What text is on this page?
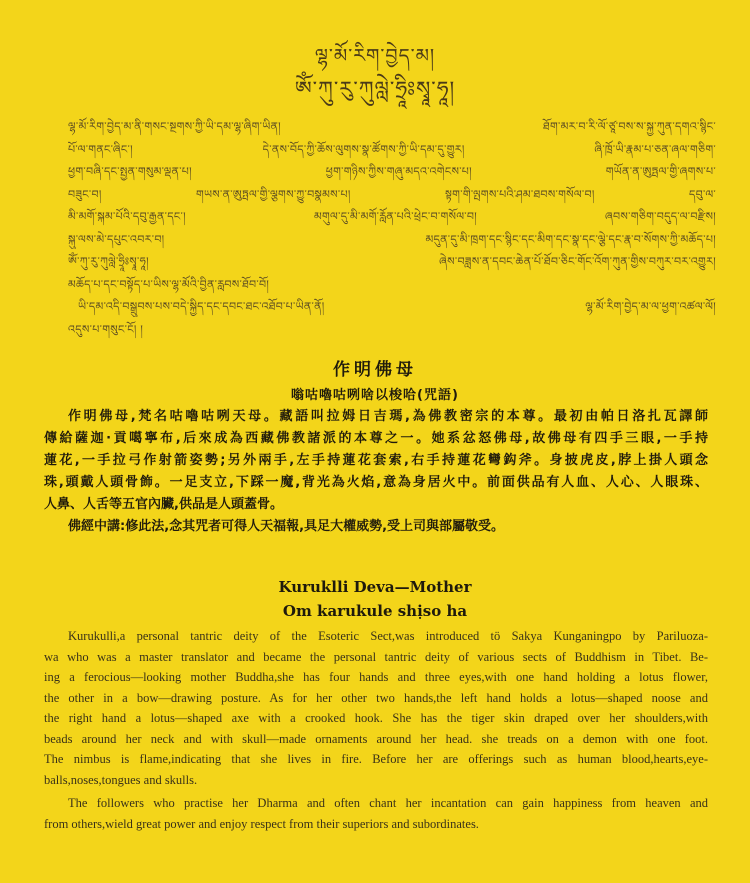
ལྷ་མོ་རིག་བྱེད་མ།
ཨོཾ་ཀུ་རུ་ཀུལླེ་ཧྲཱིཿསྭཱ་ཧཱ།
ལྷ་མོ་རིག་བྱེད་མ་ནི་གསང་སྔགས་ཀྱི་ཡི་དམ་ལྷ་ཞིག་ཡིན། ཐོག་མར་བ་རི་ལོ་ཙཱ་བས་ས་སྐྱ་ཀུན་དགའ་སྙིང་
པོ་ལ་གནང་ཞིང་། དེ་ནས་བོད་ཀྱི་ཆོས་ལུགས་སྣ་ཚོགས་ཀྱི་ཡི་དམ་དུ་གྱུར། ཞི་ཁྲོ་ཡི་རྣམ་པ་ཅན་ཞལ་གཅིག་
ཕྱག་བཞི་དང་སྤྱན་གསུམ་ལྡན་པ། ཕྱག་གཉིས་ཀྱིས་གཞུ་མདའ་འགེངས་པ། གཡོན་ན་ཨུཏྤལ་གྱི་ཞགས་པ་
བཟུང་བ། གཡས་ན་ཨུཏྤལ་གྱི་ལྕགས་ཀྱུ་བསྣམས་པ། སྟག་གི་ལྤགས་པའི་ཤམ་ཐབས་གསོལ་བ། དབུ་ལ་
མི་མགོ་སྐམ་པོའི་དབུ་རྒྱན་དང་། མགུལ་དུ་མི་མགོ་རློན་པའི་ཕྲེང་བ་གསོལ་བ། ཞབས་གཅིག་བདུད་ལ་བརྫིས།
སྐུ་ལས་མེ་དཔུང་འབར་བ། མདུན་དུ་མི་ཁྲག་དང་སྙིང་དང་མིག་དང་སྣ་དང་ལྕེ་དང་རྣ་བ་སོགས་ཀྱི་མཆོད་པ།
ཨོཾ་ཀུ་རུ་ཀུལླེ་ཧྲཱིཿསྭཱ་ཧཱ། ཞེས་བཟླས་ན་དབང་ཆེན་པོ་ཐོབ་ཅིང་གོང་འོག་ཀུན་གྱིས་བཀུར་བར་འགྱུར།
མཆོད་པ་དང་བསྟོད་པ་ཡིས་ལྷ་མོའི་བྱིན་རླབས་ཐོབ་བོ།
ཡི་དམ་འདི་བསྒྲུབས་པས་བདེ་སྐྱིད་དང་དབང་ཐང་འཐོབ་པ་ཡིན་ནོ། ལྷ་མོ་རིག་བྱེད་མ་ལ་ཕྱག་འཚལ་ལོ།
འདུས་པ་གསུང་ངོ། །
作明佛母
嗡咕嚕咕咧啥以梭哈(咒語)
作明佛母,梵名咕嚕咕咧天母。藏語叫拉姆日吉瑪,為佛教密宗的本尊。最初由帕日洛扎瓦譯師
傳給薩迦·貢噶寧布,后來成為西藏佛教諸派的本尊之一。她系忿怒佛母,故佛母有四手三眼,一手持
蓮花,一手拉弓作射箭姿勢;另外兩手,左手持蓮花套索,右手持蓮花彎鈎斧。身披虎皮,脖上掛人頭念
珠,頭戴人頭骨飾。一足支立,下踩一魔,背光為火焰,意為身居火中。前面供品有人血、人心、人眼珠、
人鼻、人舌等五官內臟,供品是人頭蓋骨。
佛經中講:修此法,念其咒者可得人天福報,具足大權威勢,受上司與部屬敬受。
Kuruklli Deva—Mother
Om karukule shịso ha
Kurukulli,a personal tantric deity of the Esoteric Sect,was introduced tö Sakya Kunganingpo by Pariluoza-
wa who was a master translator and became the personal tantric deity of various sects of Buddhism in Tibet. Be-
ing a ferocious—looking mother Buddha,she has four hands and three eyes,with one hand holding a lotus flower,
the other in a bow—drawing posture. As for her other two hands,the left hand holds a lotus—shaped noose and
the right hand a lotus—shaped axe with a crooked hook. She has the tiger skin draped over her shoulders,with
beads around her neck and with skull—made ornaments around her head. she treads on a demon with one foot.
The nimbus is flame,indicating that she lives in fire. Before her are offerings such as human blood,hearts,eye-
balls,noses,tongues and skulls.
The followers who practise her Dharma and often chant her incantation can gain happiness from heaven and
from others,wield great power and enjoy respect from their superiors and subordinates.
